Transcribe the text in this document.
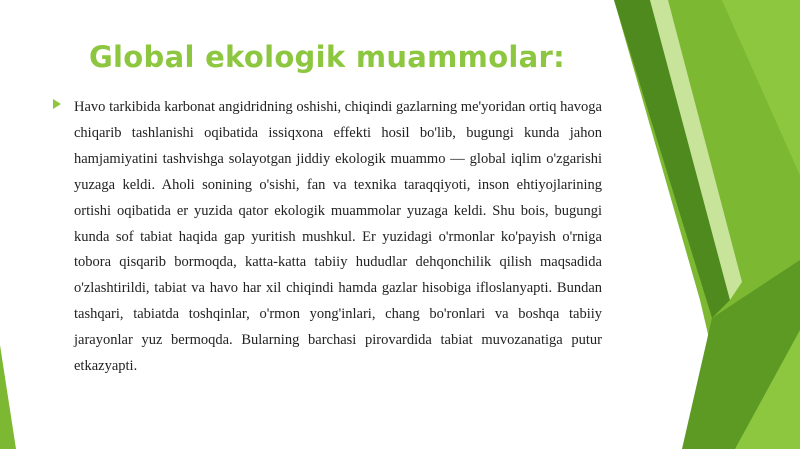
Global ekologik muammolar:

Havo tarkibida karbonat angidridning oshishi, chiqindi gazlarning me'yoridan ortiq havoga chiqarib tashlanishi oqibatida issiqxona effekti hosil bo'lib, bugungi kunda jahon hamjamiyatini tashvishga solayotgan jiddiy ekologik muammo — global iqlim o'zgarishi yuzaga keldi. Aholi sonining o'sishi, fan va texnika taraqqiyoti, inson ehtiyojlarining ortishi oqibatida er yuzida qator ekologik muammolar yuzaga keldi. Shu bois, bugungi kunda sof tabiat haqida gap yuritish mushkul. Er yuzidagi o'rmonlar ko'payish o'rniga tobora qisqarib bormoqda, katta-katta tabiiy hududlar dehqonchilik qilish maqsadida o'zlashtirildi, tabiat va havo har xil chiqindi hamda gazlar hisobiga ifloslanyapti. Bundan tashqari, tabiatda toshqinlar, o'rmon yong'inlari, chang bo'ronlari va boshqa tabiiy jarayonlar yuz bermoqda. Bularning barchasi pirovardida tabiat muvozanatiga putur etkazyapti.
